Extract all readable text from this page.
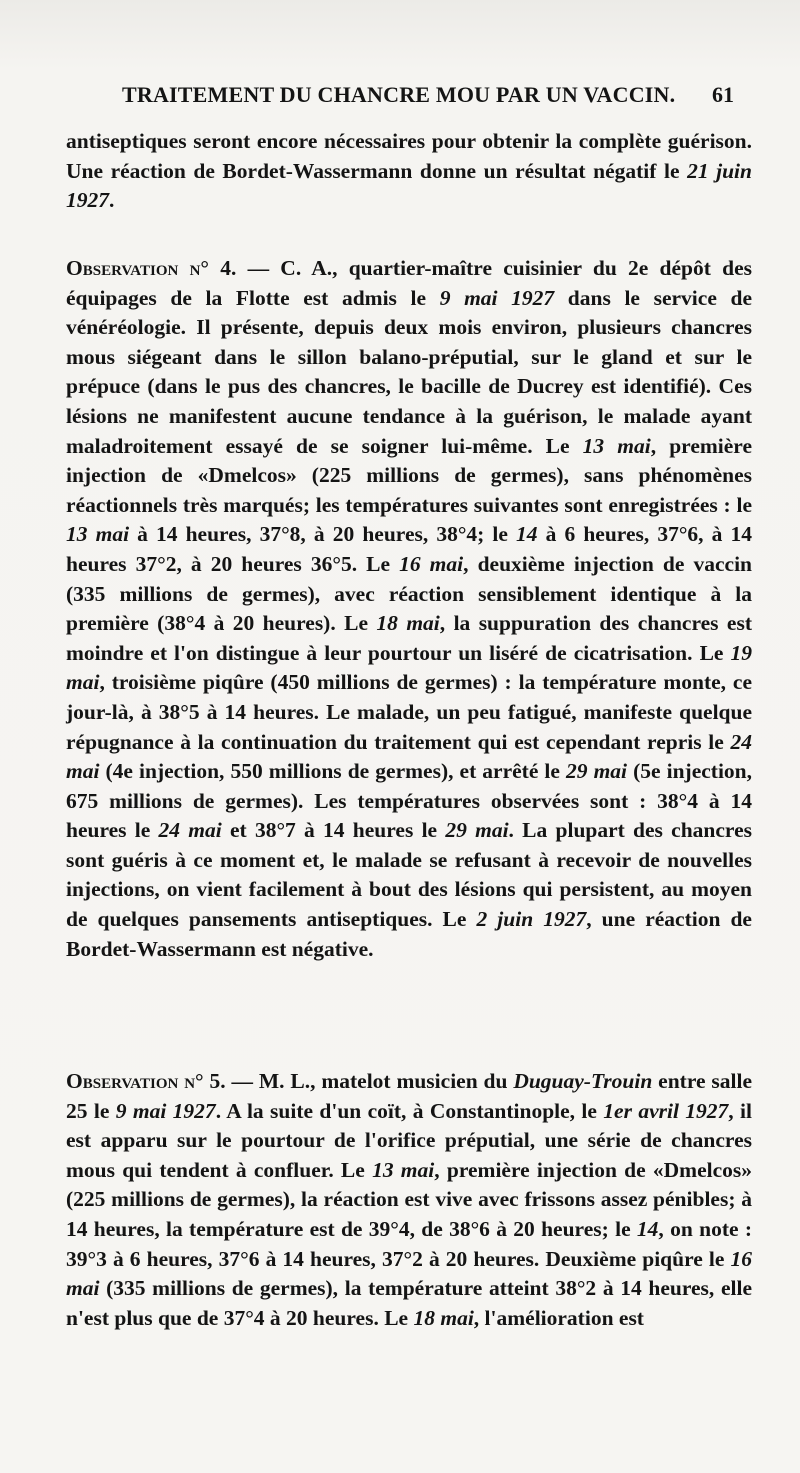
TRAITEMENT DU CHANCRE MOU PAR UN VACCIN. 61

antiseptiques seront encore nécessaires pour obtenir la complète guérison. Une réaction de Bordet-Wassermann donne un résultat négatif le 21 juin 1927.

Observation n° 4. — C. A., quartier-maître cuisinier du 2e dépôt des équipages de la Flotte est admis le 9 mai 1927 dans le service de vénéréologie. Il présente, depuis deux mois environ, plusieurs chancres mous siégeant dans le sillon balano-préputial, sur le gland et sur le prépuce (dans le pus des chancres, le bacille de Ducrey est identifié). Ces lésions ne manifestent aucune tendance à la guérison, le malade ayant maladroitement essayé de se soigner lui-même. Le 13 mai, première injection de «Dmelcos» (225 millions de germes), sans phénomènes réactionnels très marqués; les températures suivantes sont enregistrées : le 13 mai à 14 heures, 37°8, à 20 heures, 38°4; le 14 à 6 heures, 37°6, à 14 heures 37°2, à 20 heures 36°5. Le 16 mai, deuxième injection de vaccin (335 millions de germes), avec réaction sensiblement identique à la première (38°4 à 20 heures). Le 18 mai, la suppuration des chancres est moindre et l'on distingue à leur pourtour un liséré de cicatrisation. Le 19 mai, troisième piqûre (450 millions de germes) : la température monte, ce jour-là, à 38°5 à 14 heures. Le malade, un peu fatigué, manifeste quelque répugnance à la continuation du traitement qui est cependant repris le 24 mai (4e injection, 550 millions de germes), et arrêté le 29 mai (5e injection, 675 millions de germes). Les températures observées sont : 38°4 à 14 heures le 24 mai et 38°7 à 14 heures le 29 mai. La plupart des chancres sont guéris à ce moment et, le malade se refusant à recevoir de nouvelles injections, on vient facilement à bout des lésions qui persistent, au moyen de quelques pansements antiseptiques. Le 2 juin 1927, une réaction de Bordet-Wassermann est négative.

Observation n° 5. — M. L., matelot musicien du Duguay-Trouin entre salle 25 le 9 mai 1927. A la suite d'un coït, à Constantinople, le 1er avril 1927, il est apparu sur le pourtour de l'orifice préputial, une série de chancres mous qui tendent à confluer. Le 13 mai, première injection de «Dmelcos» (225 millions de germes), la réaction est vive avec frissons assez pénibles; à 14 heures, la température est de 39°4, de 38°6 à 20 heures; le 14, on note : 39°3 à 6 heures, 37°6 à 14 heures, 37°2 à 20 heures. Deuxième piqûre le 16 mai (335 millions de germes), la température atteint 38°2 à 14 heures, elle n'est plus que de 37°4 à 20 heures. Le 18 mai, l'amélioration est
